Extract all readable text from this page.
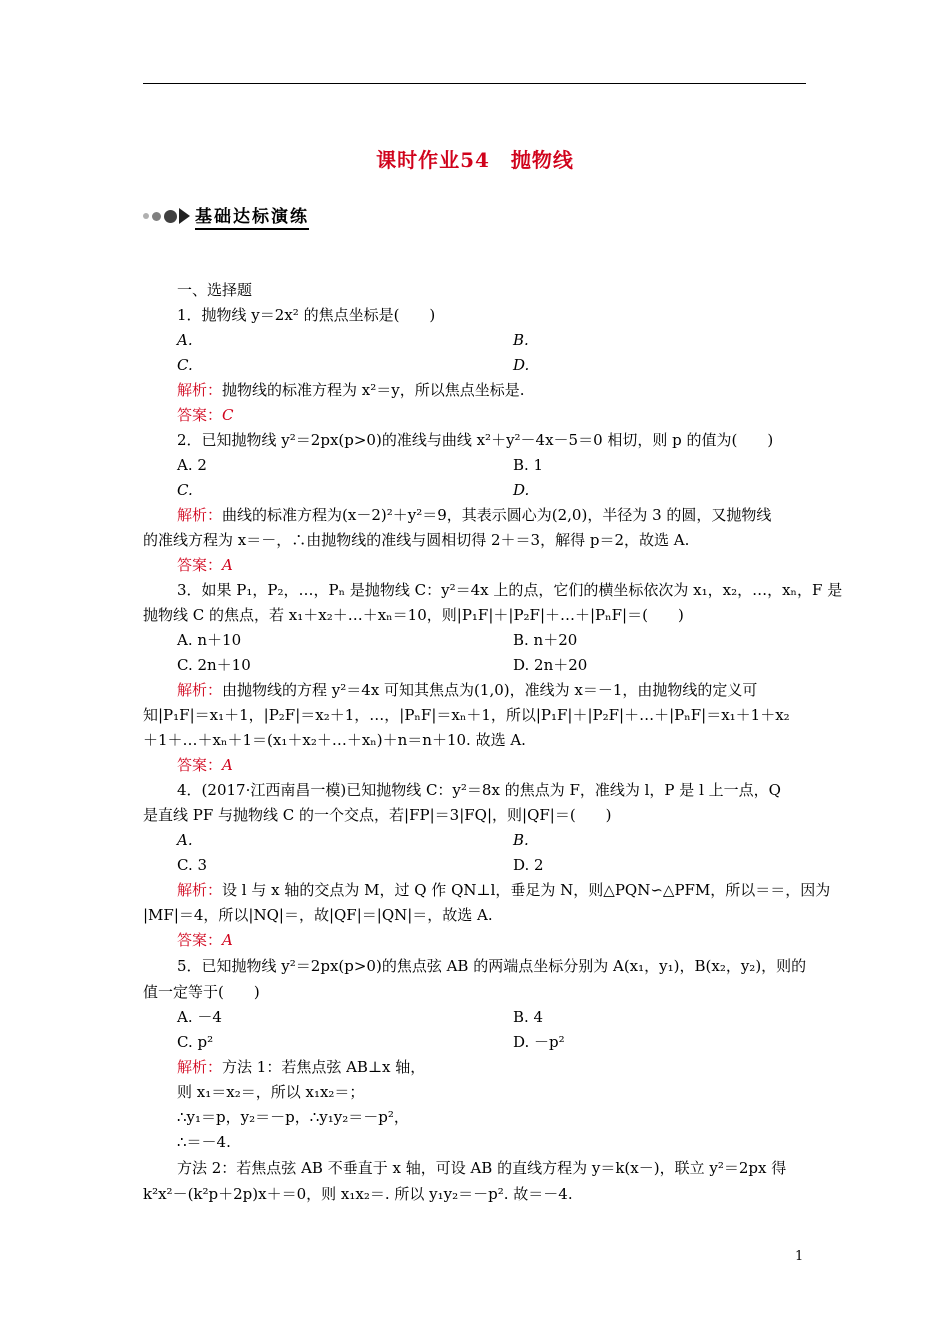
课时作业54　抛物线
基础达标演练
一、选择题
1．抛物线 y＝2x² 的焦点坐标是(　　)
A.	B.
C.	D.
解析：抛物线的标准方程为 x²＝y，所以焦点坐标是.
答案：C
2．已知抛物线 y²＝2px(p>0)的准线与曲线 x²＋y²－4x－5＝0 相切，则 p 的值为(　　)
A. 2	B. 1
C.	D.
解析：曲线的标准方程为(x－2)²＋y²＝9，其表示圆心为(2,0)，半径为 3 的圆，又抛物线
的准线方程为 x＝－，∴由抛物线的准线与圆相切得 2＋＝3，解得 p＝2，故选 A.
答案：A
3．如果 P₁，P₂，…，Pₙ 是抛物线 C：y²＝4x 上的点，它们的横坐标依次为 x₁，x₂，…，xₙ，F 是
抛物线 C 的焦点，若 x₁＋x₂＋…＋xₙ＝10，则|P₁F|＋|P₂F|＋…＋|PₙF|＝(　　)
A. n＋10	B. n＋20
C. 2n＋10	D. 2n＋20
解析：由抛物线的方程 y²＝4x 可知其焦点为(1,0)，准线为 x＝－1，由抛物线的定义可
知|P₁F|＝x₁＋1，|P₂F|＝x₂＋1，…，|PₙF|＝xₙ＋1，所以|P₁F|＋|P₂F|＋…＋|PₙF|＝x₁＋1＋x₂
＋1＋…＋xₙ＋1＝(x₁＋x₂＋…＋xₙ)＋n＝n＋10. 故选 A.
答案：A
4．(2017·江西南昌一模)已知抛物线 C：y²＝8x 的焦点为 F，准线为 l，P 是 l 上一点，Q
是直线 PF 与抛物线 C 的一个交点，若|FP|＝3|FQ|，则|QF|＝(　　)
A.	B.
C. 3	D. 2
解析：设 l 与 x 轴的交点为 M，过 Q 作 QN⊥l，垂足为 N，则△PQN∽△PFM，所以＝＝，因为
|MF|＝4，所以|NQ|＝，故|QF|＝|QN|＝，故选 A.
答案：A
5．已知抛物线 y²＝2px(p>0)的焦点弦 AB 的两端点坐标分别为 A(x₁，y₁)，B(x₂，y₂)，则的
值一定等于(　　)
A. －4	B. 4
C. p²	D. －p²
解析：方法 1：若焦点弦 AB⊥x 轴，
则 x₁＝x₂＝，所以 x₁x₂＝；
∴y₁＝p，y₂＝－p，∴y₁y₂＝－p²，
∴＝－4.
方法 2：若焦点弦 AB 不垂直于 x 轴，可设 AB 的直线方程为 y＝k(x－)，联立 y²＝2px 得
k²x²－(k²p＋2p)x＋＝0，则 x₁x₂＝. 所以 y₁y₂＝－p². 故＝－4.
1
